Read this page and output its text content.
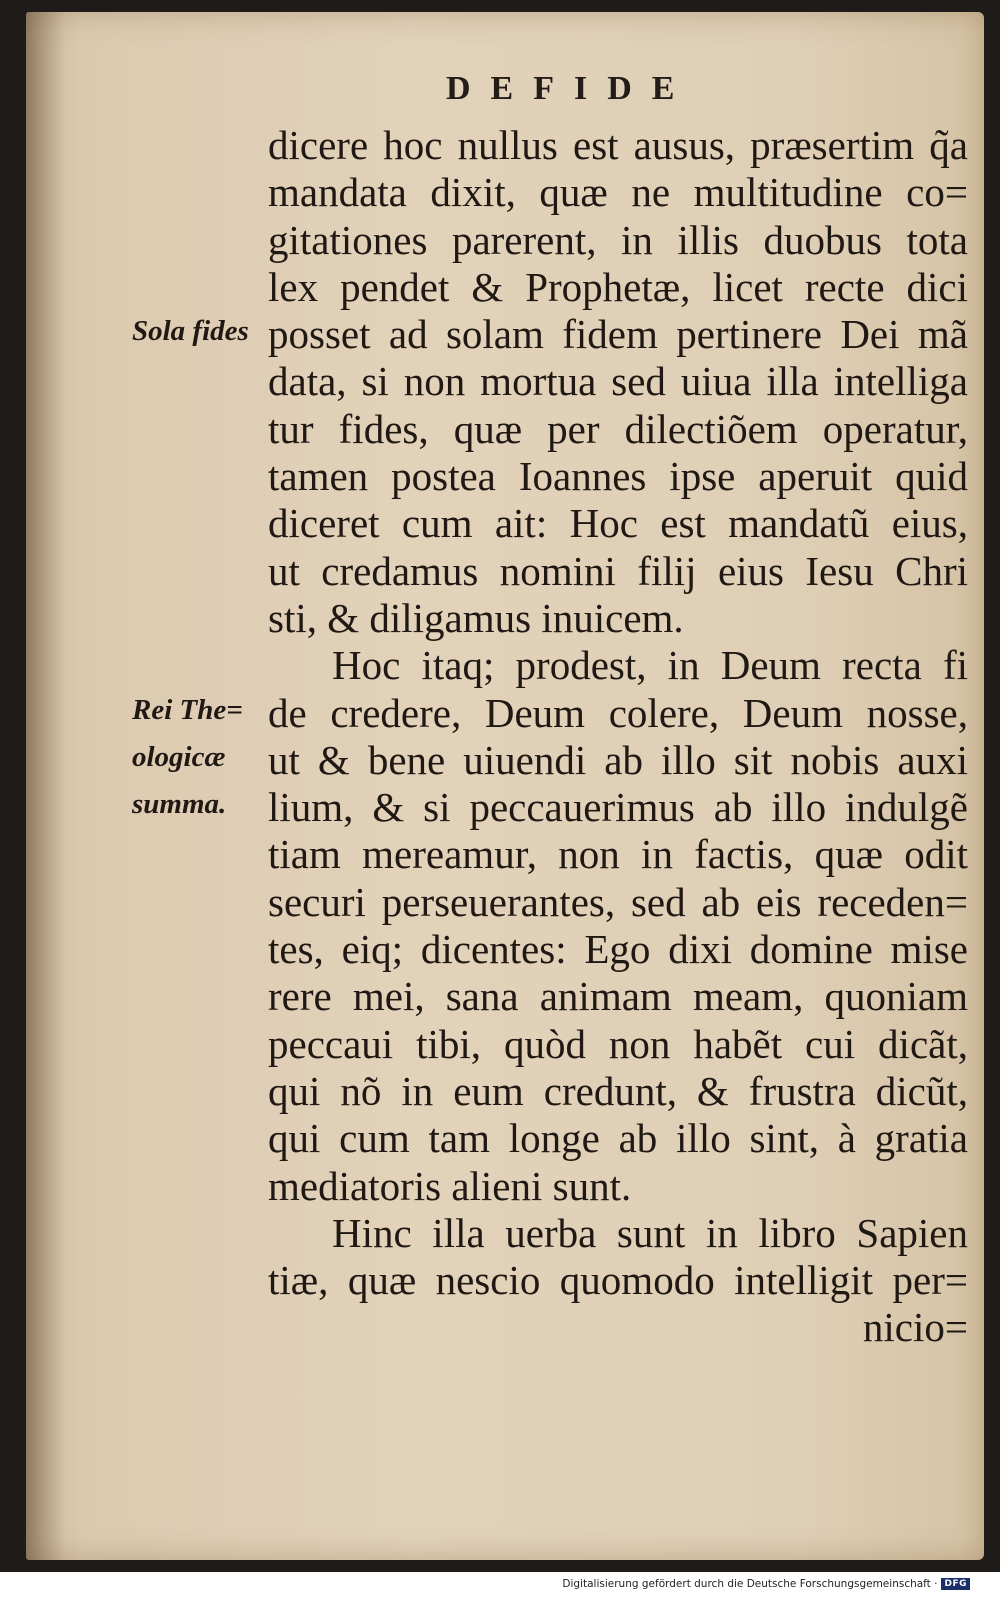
DEFIDE
Sola fides
Rei The=
ologicæ
summa.
dicere hoc nullus est ausus, præsertim q̃a
mandata dixit, quæ ne multitudine co=
gitationes parerent, in illis duobus tota
lex pendet & Prophetæ, licet recte dici
posset ad solam fidem pertinere Dei mã
data, si non mortua sed uiua illa intelliga
tur fides, quæ per dilectiõem operatur,
tamen postea Ioannes ipse aperuit quid
diceret cum ait: Hoc est mandatũ eius,
ut credamus nomini filij eius Iesu Chri
sti, & diligamus inuicem.
Hoc itaq; prodest, in Deum recta fi
de credere, Deum colere, Deum nosse,
ut & bene uiuendi ab illo sit nobis auxi
lium, & si peccauerimus ab illo indulgẽ
tiam mereamur, non in factis, quæ odit
securi perseuerantes, sed ab eis receden=
tes, eiq; dicentes: Ego dixi domine mise
rere mei, sana animam meam, quoniam
peccaui tibi, quòd non habẽt cui dicãt,
qui nõ in eum credunt, & frustra dicũt,
qui cum tam longe ab illo sint, à gratia
mediatoris alieni sunt.
Hinc illa uerba sunt in libro Sapien
tiæ, quæ nescio quomodo intelligit per=
nicio=
Digitalisierung gefördert durch die Deutsche Forschungsgemeinschaft · DFG
